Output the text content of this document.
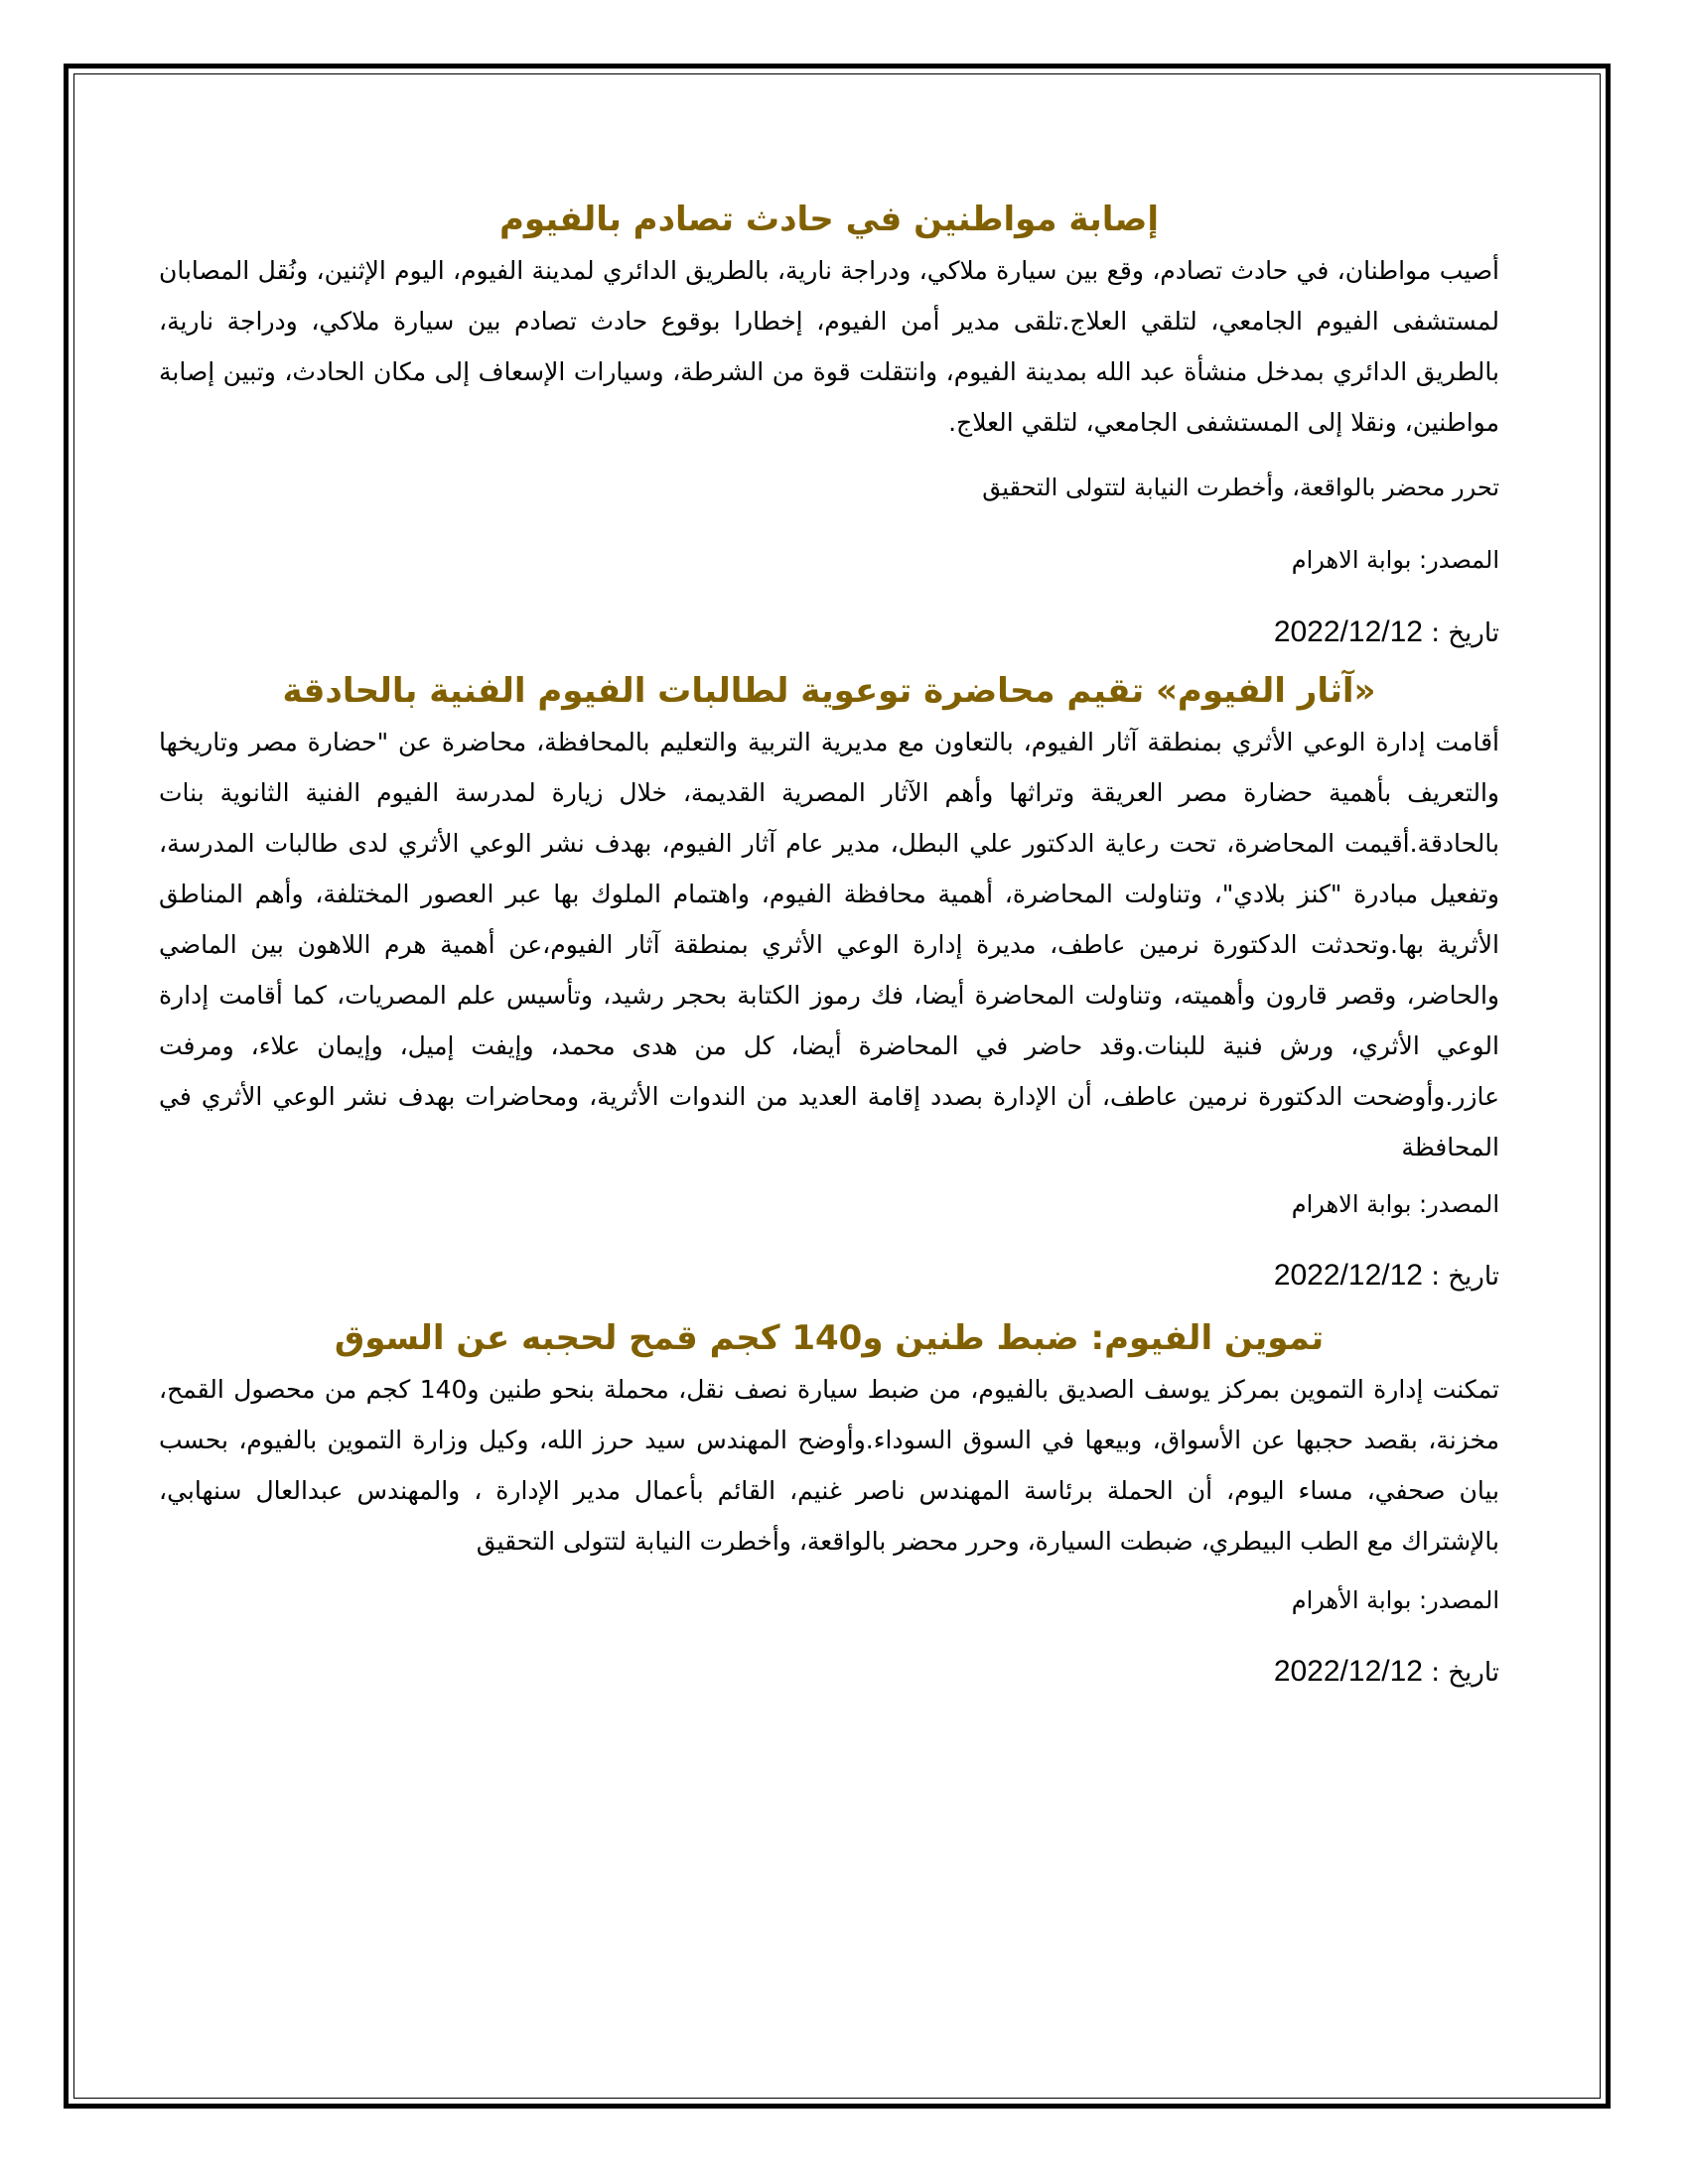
إصابة مواطنين في حادث تصادم بالفيوم

أصيب مواطنان، في حادث تصادم، وقع بين سيارة ملاكي، ودراجة نارية، بالطريق الدائري لمدينة الفيوم، اليوم الإثنين، ونُقل المصابان لمستشفى الفيوم الجامعي، لتلقي العلاج.تلقى مدير أمن الفيوم، إخطارا بوقوع حادث تصادم بين سيارة ملاكي، ودراجة نارية، بالطريق الدائري بمدخل منشأة عبد الله بمدينة الفيوم، وانتقلت قوة من الشرطة، وسيارات الإسعاف إلى مكان الحادث، وتبين إصابة مواطنين، ونقلا إلى المستشفى الجامعي، لتلقي العلاج.

تحرر محضر بالواقعة، وأخطرت النيابة لتتولى التحقيق

المصدر: بوابة الاهرام

تاريخ : 2022/12/12

«آثار الفيوم» تقيم محاضرة توعوية لطالبات الفيوم الفنية بالحادقة

أقامت إدارة الوعي الأثري بمنطقة آثار الفيوم، بالتعاون مع مديرية التربية والتعليم بالمحافظة، محاضرة عن "حضارة مصر وتاريخها والتعريف بأهمية حضارة مصر العريقة وتراثها وأهم الآثار المصرية القديمة، خلال زيارة لمدرسة الفيوم الفنية الثانوية بنات بالحادقة.أقيمت المحاضرة، تحت رعاية الدكتور علي البطل، مدير عام آثار الفيوم، بهدف نشر الوعي الأثري لدى طالبات المدرسة، وتفعيل مبادرة "كنز بلادي"، وتناولت المحاضرة، أهمية محافظة الفيوم، واهتمام الملوك بها عبر العصور المختلفة، وأهم المناطق الأثرية بها.وتحدثت الدكتورة نرمين عاطف، مديرة إدارة الوعي الأثري بمنطقة آثار الفيوم،عن أهمية هرم اللاهون بين الماضي والحاضر، وقصر قارون وأهميته، وتناولت المحاضرة أيضا، فك رموز الكتابة بحجر رشيد، وتأسيس علم المصريات، كما أقامت إدارة الوعي الأثري، ورش فنية للبنات.وقد حاضر في المحاضرة أيضا، كل من هدى محمد، وإيفت إميل، وإيمان علاء، ومرفت عازر.وأوضحت الدكتورة نرمين عاطف، أن الإدارة بصدد إقامة العديد من الندوات الأثرية، ومحاضرات بهدف نشر الوعي الأثري في المحافظة

المصدر: بوابة الاهرام

تاريخ : 2022/12/12

تموين الفيوم: ضبط طنين و140 كجم قمح لحجبه عن السوق

تمكنت إدارة التموين بمركز يوسف الصديق بالفيوم، من ضبط سيارة نصف نقل، محملة بنحو طنين و140 كجم من محصول القمح، مخزنة، بقصد حجبها عن الأسواق، وبيعها في السوق السوداء.وأوضح المهندس سيد حرز الله، وكيل وزارة التموين بالفيوم، بحسب بيان صحفي، مساء اليوم، أن الحملة برئاسة المهندس ناصر غنيم، القائم بأعمال مدير الإدارة ، والمهندس عبدالعال سنهابي، بالإشتراك مع الطب البيطري، ضبطت السيارة، وحرر محضر بالواقعة، وأخطرت النيابة لتتولى التحقيق

المصدر: بوابة الأهرام

تاريخ : 2022/12/12
